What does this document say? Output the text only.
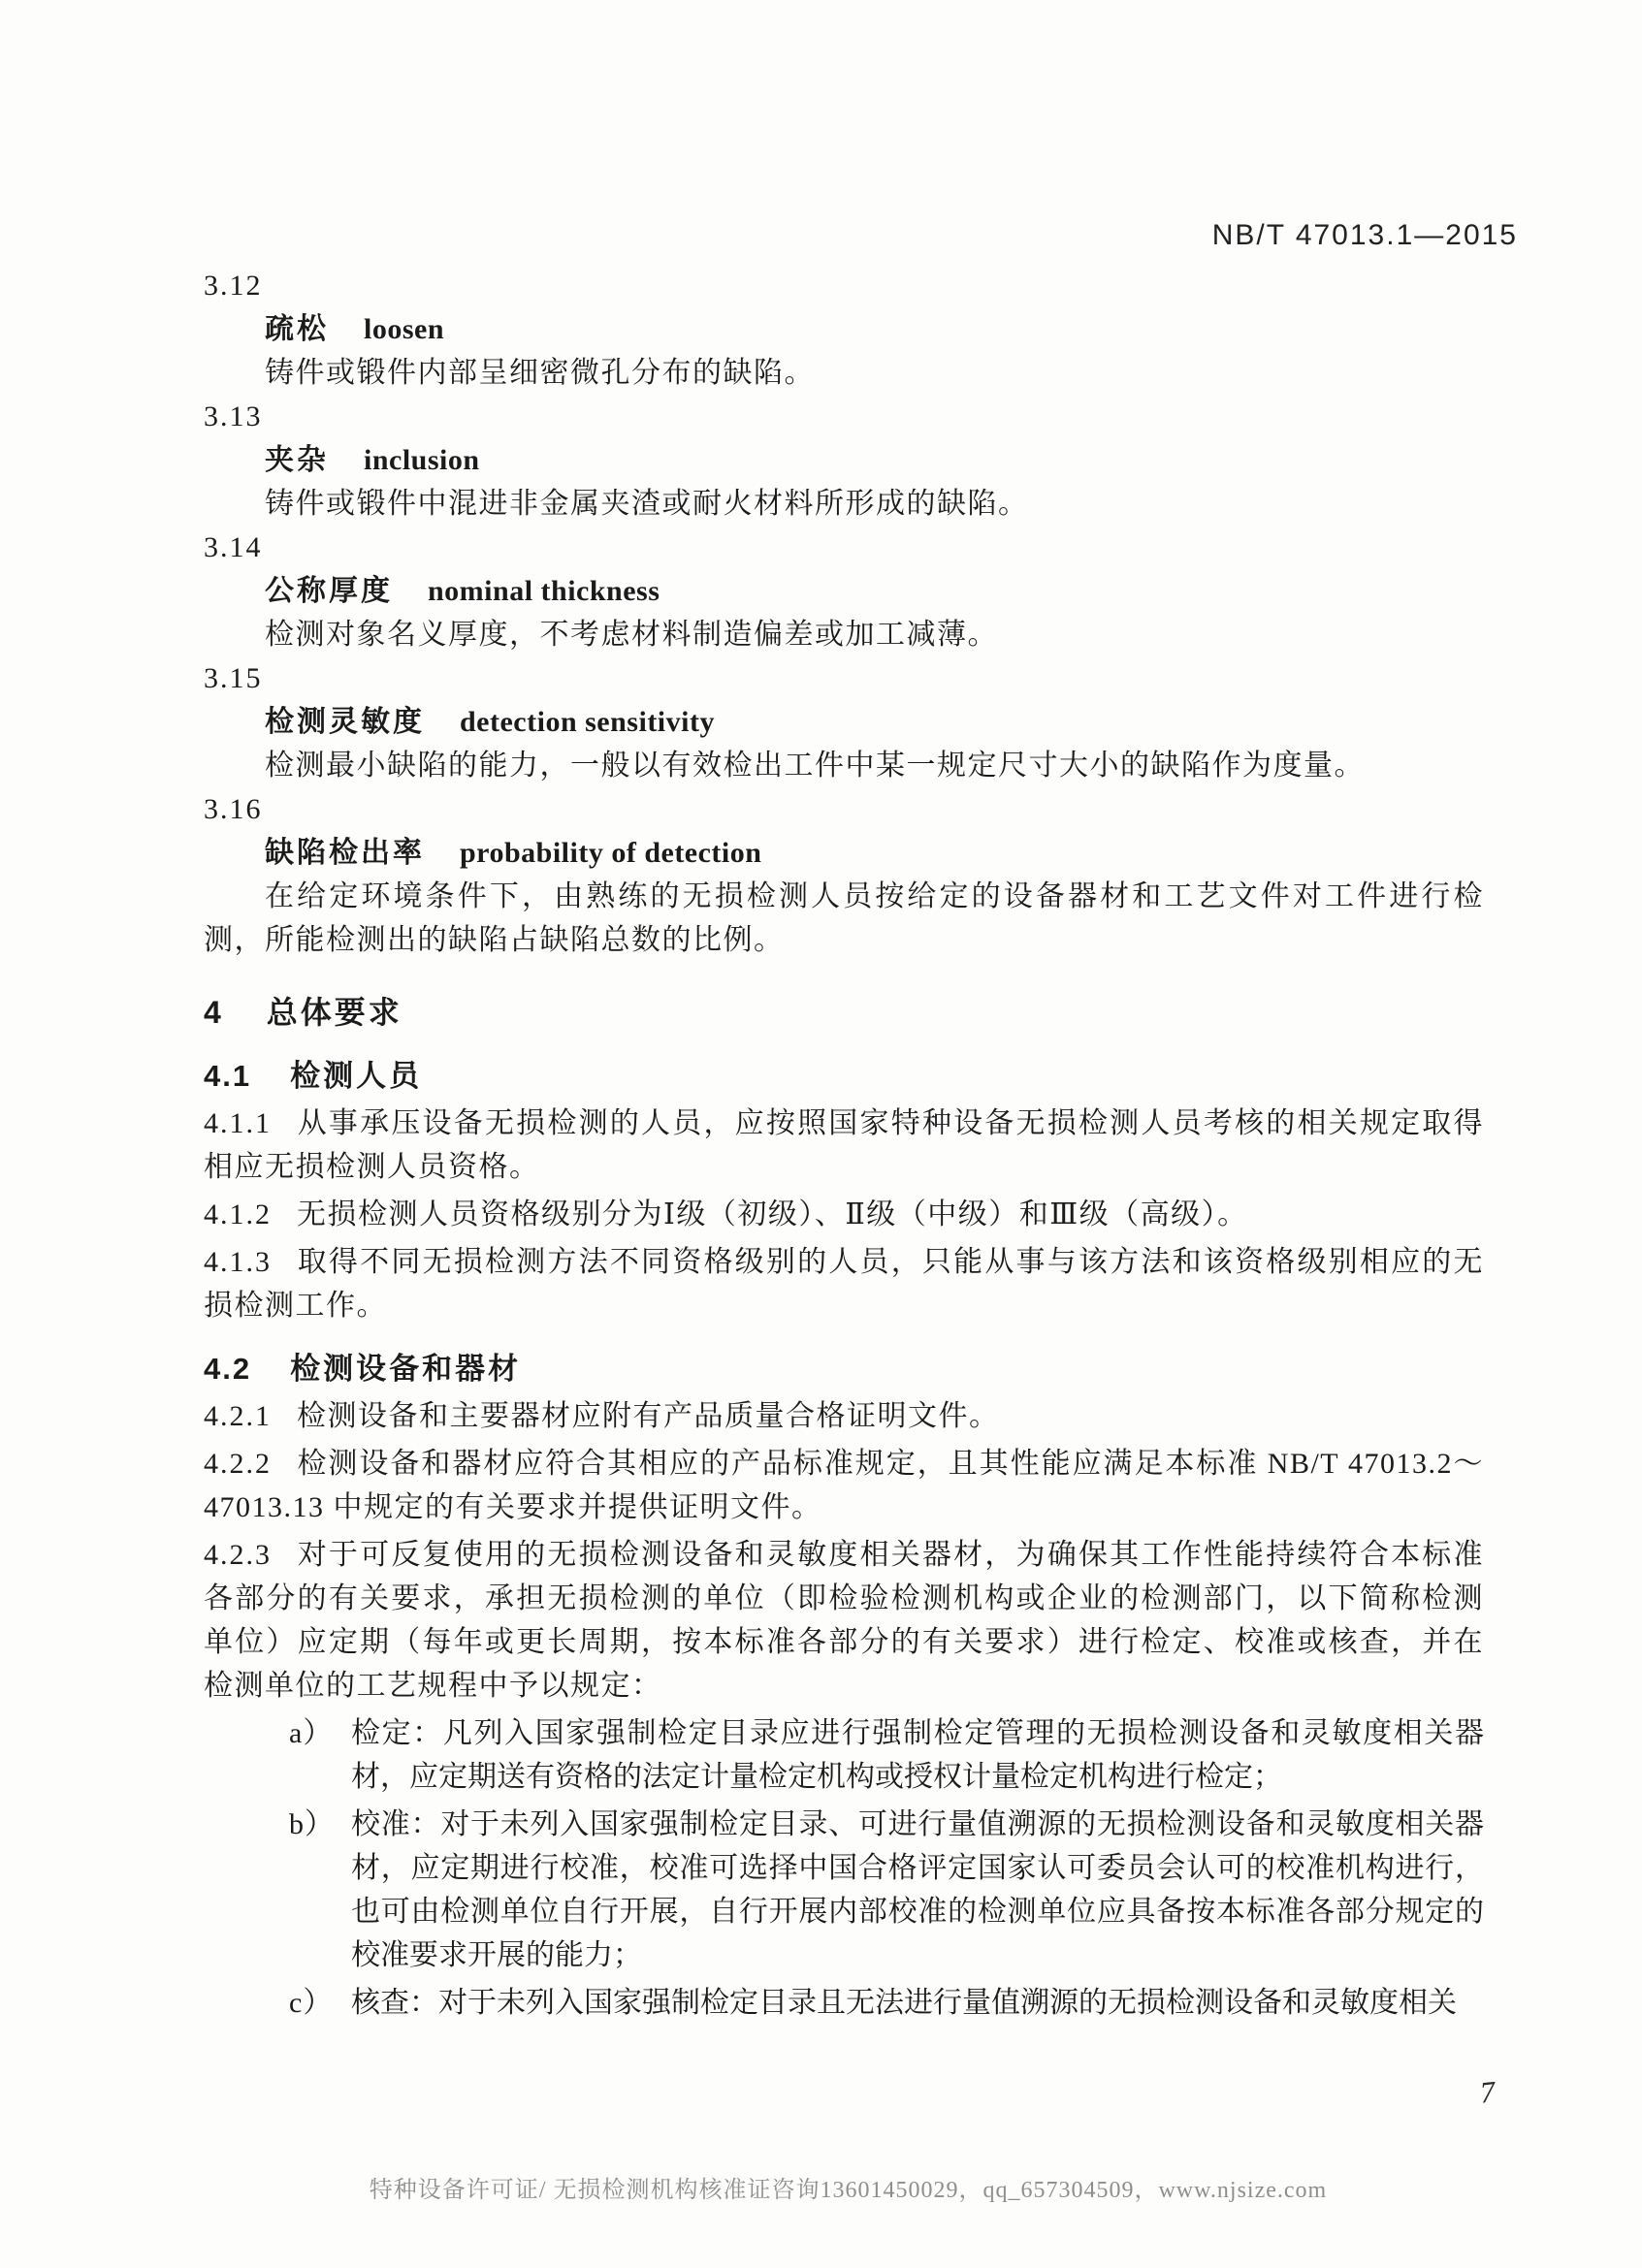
NB/T 47013.1—2015
3.12
疏松 loosen

铸件或锻件内部呈细密微孔分布的缺陷。

3.13
夹杂 inclusion

铸件或锻件中混进非金属夹渣或耐火材料所形成的缺陷。

3.14
公称厚度 nominal thickness

检测对象名义厚度，不考虑材料制造偏差或加工减薄。

3.15
检测灵敏度 detection sensitivity

检测最小缺陷的能力，一般以有效检出工件中某一规定尺寸大小的缺陷作为度量。

3.16
缺陷检出率 probability of detection

在给定环境条件下，由熟练的无损检测人员按给定的设备器材和工艺文件对工件进行检测，所能检测出的缺陷占缺陷总数的比例。

4 总体要求
4.1 检测人员

4.1.1 从事承压设备无损检测的人员，应按照国家特种设备无损检测人员考核的相关规定取得相应无损检测人员资格。

4.1.2 无损检测人员资格级别分为Ⅰ级（初级）、Ⅱ级（中级）和Ⅲ级（高级）。

4.1.3 取得不同无损检测方法不同资格级别的人员，只能从事与该方法和该资格级别相应的无损检测工作。

4.2 检测设备和器材

4.2.1 检测设备和主要器材应附有产品质量合格证明文件。

4.2.2 检测设备和器材应符合其相应的产品标准规定，且其性能应满足本标准 NB/T 47013.2～47013.13 中规定的有关要求并提供证明文件。

4.2.3 对于可反复使用的无损检测设备和灵敏度相关器材，为确保其工作性能持续符合本标准各部分的有关要求，承担无损检测的单位（即检验检测机构或企业的检测部门，以下简称检测单位）应定期（每年或更长周期，按本标准各部分的有关要求）进行检定、校准或核查，并在检测单位的工艺规程中予以规定：

a） 检定：凡列入国家强制检定目录应进行强制检定管理的无损检测设备和灵敏度相关器材，应定期送有资格的法定计量检定机构或授权计量检定机构进行检定；

b） 校准：对于未列入国家强制检定目录、可进行量值溯源的无损检测设备和灵敏度相关器材，应定期进行校准，校准可选择中国合格评定国家认可委员会认可的校准机构进行，也可由检测单位自行开展，自行开展内部校准的检测单位应具备按本标准各部分规定的校准要求开展的能力；

c） 核查：对于未列入国家强制检定目录且无法进行量值溯源的无损检测设备和灵敏度相关

7
特种设备许可证/ 无损检测机构核准证咨询13601450029，qq_657304509，www.njsize.com
